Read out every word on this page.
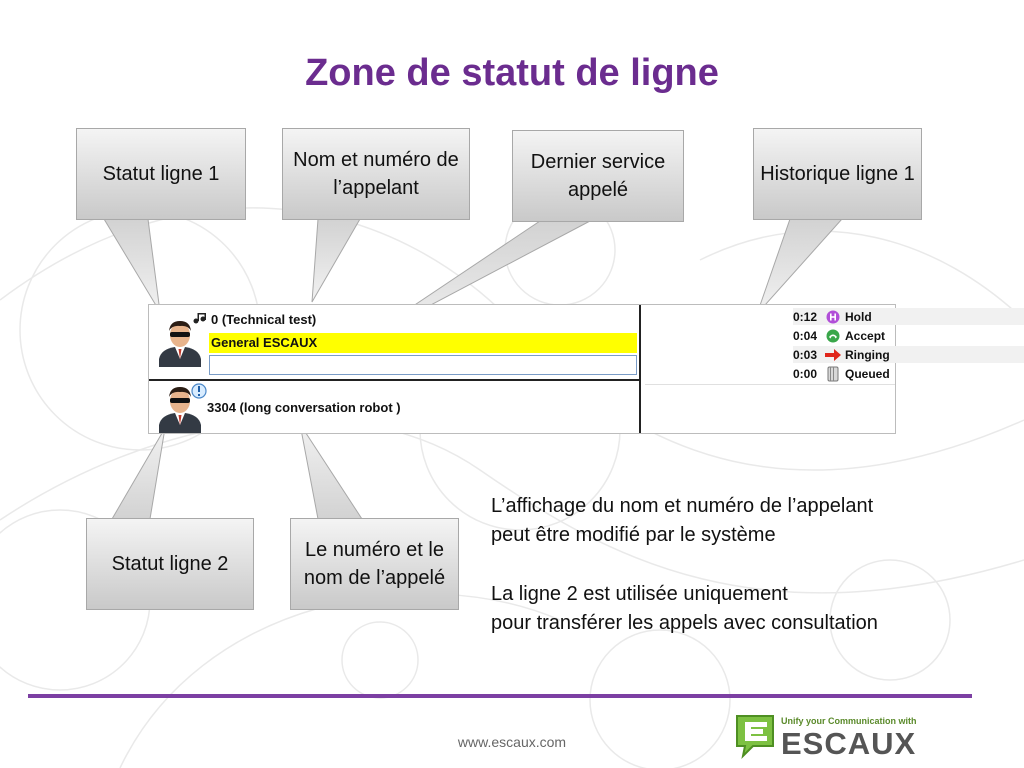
Zone de statut de ligne
Statut ligne 1
Nom et numéro de l’appelant
Dernier service appelé
Historique ligne 1
Statut ligne 2
Le numéro et le nom de l’appelé
0 (Technical test)
General ESCAUX
3304 (long conversation robot )
0:12	Hold
0:04	Accept
0:03	Ringing
0:00	Queued
L’affichage du nom et numéro de l’appelant
peut être modifié par le système
La ligne 2 est utilisée uniquement
pour transférer les appels avec consultation
www.escaux.com
Unify your Communication with
ESCAUX
